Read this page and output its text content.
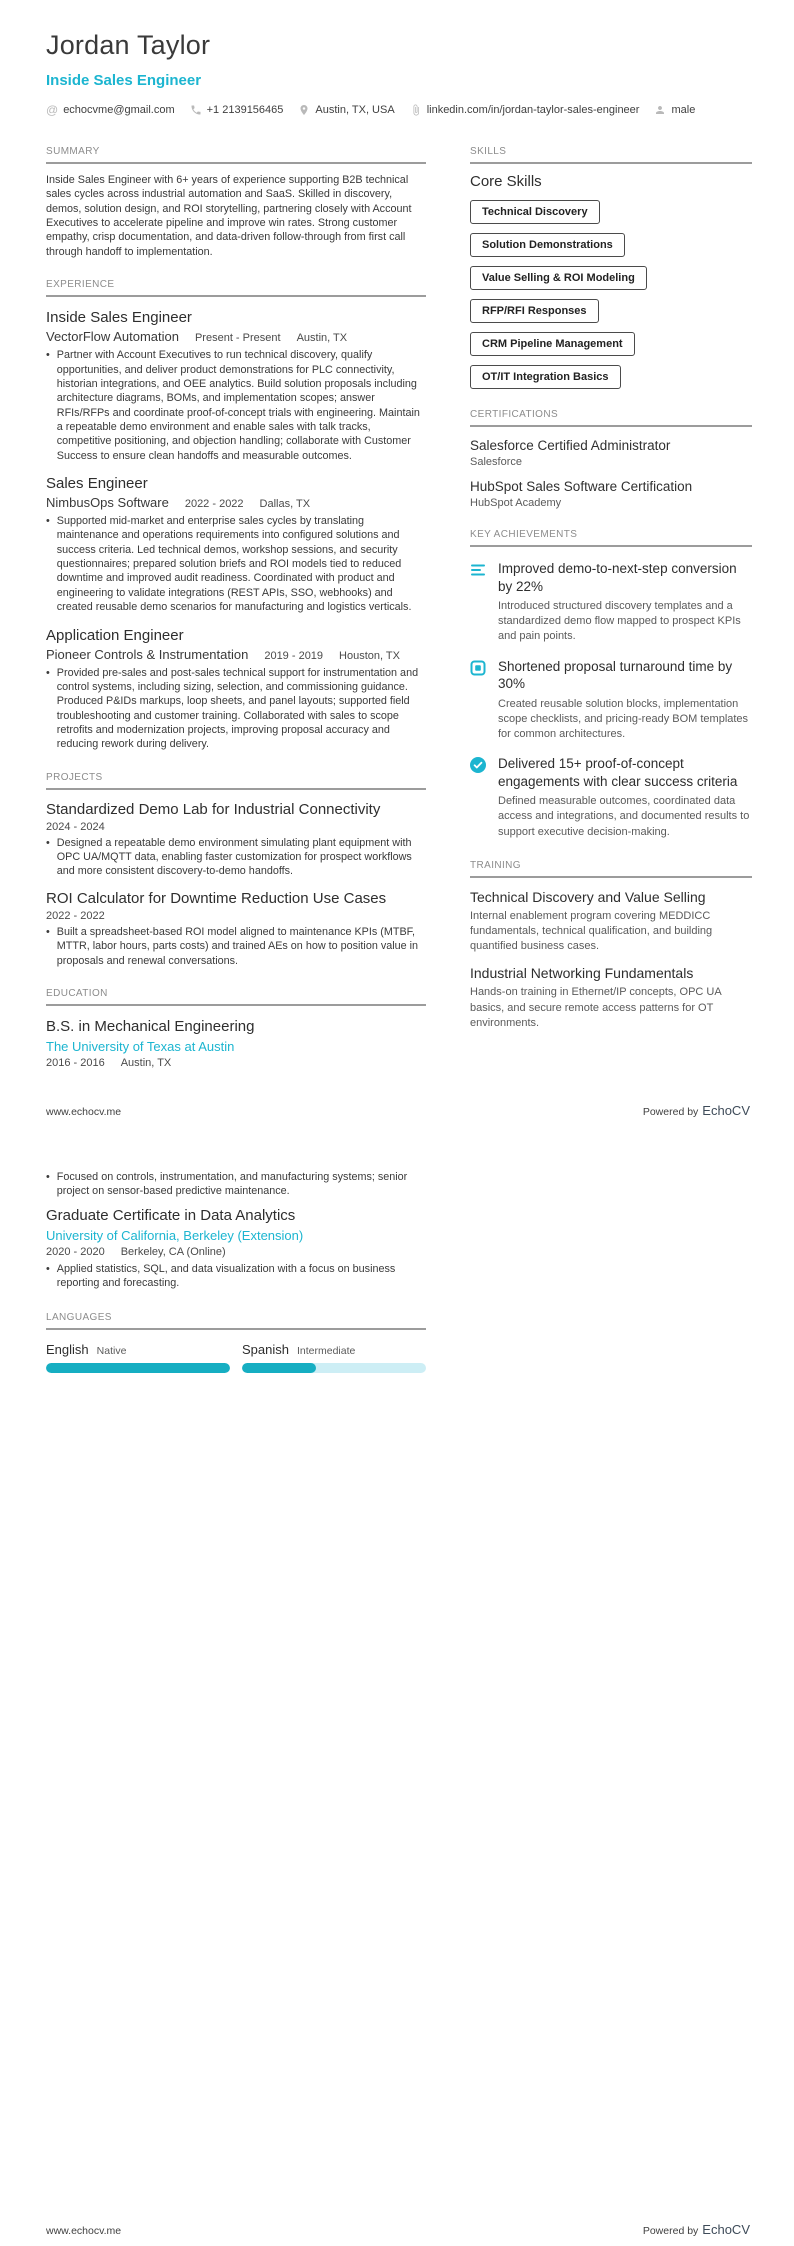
Jordan Taylor
Inside Sales Engineer
@ echocvme@gmail.com	+1 2139156465	Austin, TX, USA	linkedin.com/in/jordan-taylor-sales-engineer	male
SUMMARY

Inside Sales Engineer with 6+ years of experience supporting B2B technical sales cycles across industrial automation and SaaS. Skilled in discovery, demos, solution design, and ROI storytelling, partnering closely with Account Executives to accelerate pipeline and improve win rates. Strong customer empathy, crisp documentation, and data-driven follow-through from first call through handoff to implementation.

EXPERIENCE
Inside Sales Engineer
VectorFlow Automation Present - Present Austin, TX
• Partner with Account Executives to run technical discovery, qualify opportunities, and deliver product demonstrations for PLC connectivity, historian integrations, and OEE analytics. Build solution proposals including architecture diagrams, BOMs, and implementation scopes; answer RFIs/RFPs and coordinate proof-of-concept trials with engineering. Maintain a repeatable demo environment and enable sales with talk tracks, competitive positioning, and objection handling; collaborate with Customer Success to ensure clean handoffs and measurable outcomes.
Sales Engineer
NimbusOps Software 2022 - 2022 Dallas, TX
• Supported mid-market and enterprise sales cycles by translating maintenance and operations requirements into configured solutions and success criteria. Led technical demos, workshop sessions, and security questionnaires; prepared solution briefs and ROI models tied to reduced downtime and improved audit readiness. Coordinated with product and engineering to validate integrations (REST APIs, SSO, webhooks) and created reusable demo scenarios for manufacturing and logistics verticals.
Application Engineer
Pioneer Controls & Instrumentation 2019 - 2019 Houston, TX
• Provided pre-sales and post-sales technical support for instrumentation and control systems, including sizing, selection, and commissioning guidance. Produced P&IDs markups, loop sheets, and panel layouts; supported field troubleshooting and customer training. Collaborated with sales to scope retrofits and modernization projects, improving proposal accuracy and reducing rework during delivery.
PROJECTS
Standardized Demo Lab for Industrial Connectivity
2024 - 2024
• Designed a repeatable demo environment simulating plant equipment with OPC UA/MQTT data, enabling faster customization for prospect workflows and more consistent discovery-to-demo handoffs.
ROI Calculator for Downtime Reduction Use Cases
2022 - 2022
• Built a spreadsheet-based ROI model aligned to maintenance KPIs (MTBF, MTTR, labor hours, parts costs) and trained AEs on how to position value in proposals and renewal conversations.
EDUCATION
B.S. in Mechanical Engineering
The University of Texas at Austin
2016 - 2016 Austin, TX
SKILLS
Core Skills
Technical Discovery
Solution Demonstrations
Value Selling & ROI Modeling
RFP/RFI Responses
CRM Pipeline Management
OT/IT Integration Basics
CERTIFICATIONS
Salesforce Certified Administrator
Salesforce
HubSpot Sales Software Certification
HubSpot Academy
KEY ACHIEVEMENTS
Improved demo-to-next-step conversion by 22%
Introduced structured discovery templates and a standardized demo flow mapped to prospect KPIs and pain points.
Shortened proposal turnaround time by 30%
Created reusable solution blocks, implementation scope checklists, and pricing-ready BOM templates for common architectures.
Delivered 15+ proof-of-concept engagements with clear success criteria
Defined measurable outcomes, coordinated data access and integrations, and documented results to support executive decision-making.
TRAINING
Technical Discovery and Value Selling
Internal enablement program covering MEDDICC fundamentals, technical qualification, and building quantified business cases.
Industrial Networking Fundamentals
Hands-on training in Ethernet/IP concepts, OPC UA basics, and secure remote access patterns for OT environments.
www.echocv.me	Powered by EchoCV
• Focused on controls, instrumentation, and manufacturing systems; senior project on sensor-based predictive maintenance.
Graduate Certificate in Data Analytics
University of California, Berkeley (Extension)
2020 - 2020 Berkeley, CA (Online)
• Applied statistics, SQL, and data visualization with a focus on business reporting and forecasting.
LANGUAGES
English Native	Spanish Intermediate
www.echocv.me	Powered by EchoCV
